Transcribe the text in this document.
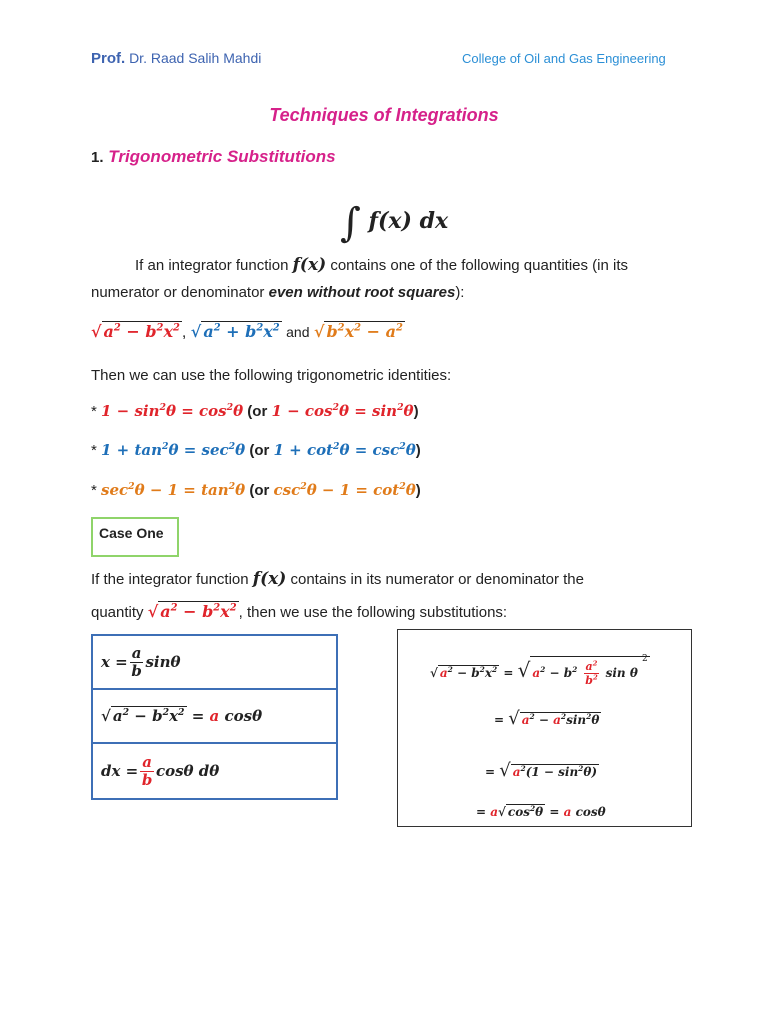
Prof. Dr. Raad Salih Mahdi	College of Oil and Gas Engineering
Techniques of Integrations
1. Trigonometric Substitutions
∫ f(x) dx
If an integrator function f(x) contains one of the following quantities (in its numerator or denominator even without root squares):
√ $a^2 - b^2x^2$ , √ $a^2 + b^2x^2$ and √ $b^2x^2 - a^2$
Then we can use the following trigonometric identities:
* $1 - \sin^2\theta = \cos^2\theta$ (or $1 - \cos^2\theta = \sin^2\theta$)
* $1 + \tan^2\theta = \sec^2\theta$ (or $1 + \cot^2\theta = \csc^2\theta$)
* $\sec^2\theta - 1 = \tan^2\theta$ (or $\csc^2\theta - 1 = \cot^2\theta$)
Case One
If the integrator function f(x) contains in its numerator or denominator the
quantity √ $a^2 - b^2x^2$ , then we use the following substitutions:
$x = \frac{a}{b}$ sinθ
√ $a^2 - b^2x^2 = a$ cosθ
dx = $\frac{a}{b}$ cosθ dθ
√ $a^2 - b^2x^2$ = √ $a^2 - b^2 \frac{a^2}{b^2}$ sin θ $^2$
= √ $a^2 - a^2\sin^2\theta$
= √ $a^2(1 - \sin^2\theta)$
= a√ $\cos^2\theta = a$ cosθ
